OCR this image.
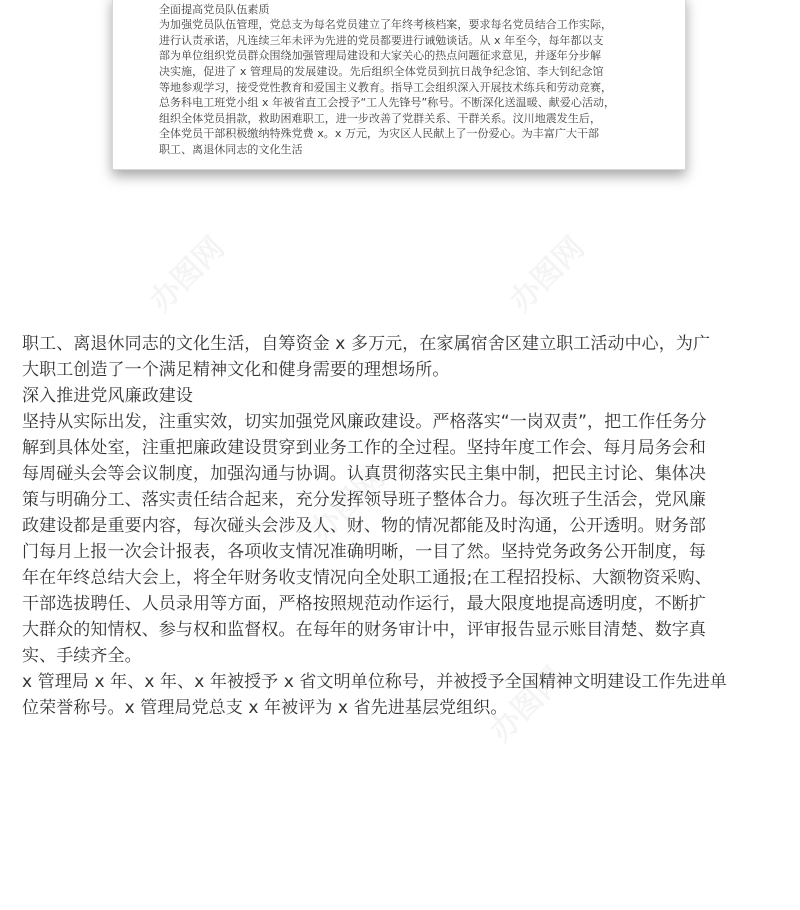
全面提高党员队伍素质
为加强党员队伍管理，党总支为每名党员建立了年终考核档案，要求每名党员结合工作实际，
进行认责承诺，凡连续三年未评为先进的党员都要进行诫勉谈话。从 x 年至今，每年都以支
部为单位组织党员群众围绕加强管理局建设和大家关心的热点问题征求意见，并逐年分步解
决实施，促进了 x 管理局的发展建设。先后组织全体党员到抗日战争纪念馆、李大钊纪念馆
等地参观学习，接受党性教育和爱国主义教育。指导工会组织深入开展技术练兵和劳动竞赛，
总务科电工班党小组 x 年被省直工会授予“工人先锋号”称号。不断深化送温暖、献爱心活动，
组织全体党员捐款，救助困难职工，进一步改善了党群关系、干群关系。汶川地震发生后，
全体党员干部积极缴纳特殊党费 x。x 万元，为灾区人民献上了一份爱心。为丰富广大干部
职工、离退休同志的文化生活
职工、离退休同志的文化生活，自筹资金 x 多万元，在家属宿舍区建立职工活动中心，为广
大职工创造了一个满足精神文化和健身需要的理想场所。
深入推进党风廉政建设
坚持从实际出发，注重实效，切实加强党风廉政建设。严格落实“一岗双责”，把工作任务分
解到具体处室，注重把廉政建设贯穿到业务工作的全过程。坚持年度工作会、每月局务会和
每周碰头会等会议制度，加强沟通与协调。认真贯彻落实民主集中制，把民主讨论、集体决
策与明确分工、落实责任结合起来，充分发挥领导班子整体合力。每次班子生活会，党风廉
政建设都是重要内容，每次碰头会涉及人、财、物的情况都能及时沟通，公开透明。财务部
门每月上报一次会计报表，各项收支情况准确明晰，一目了然。坚持党务政务公开制度，每
年在年终总结大会上，将全年财务收支情况向全处职工通报;在工程招投标、大额物资采购、
干部选拔聘任、人员录用等方面，严格按照规范动作运行，最大限度地提高透明度，不断扩
大群众的知情权、参与权和监督权。在每年的财务审计中，评审报告显示账目清楚、数字真
实、手续齐全。
x 管理局 x 年、x 年、x 年被授予 x 省文明单位称号，并被授予全国精神文明建设工作先进单
位荣誉称号。x 管理局党总支 x 年被评为 x 省先进基层党组织。
